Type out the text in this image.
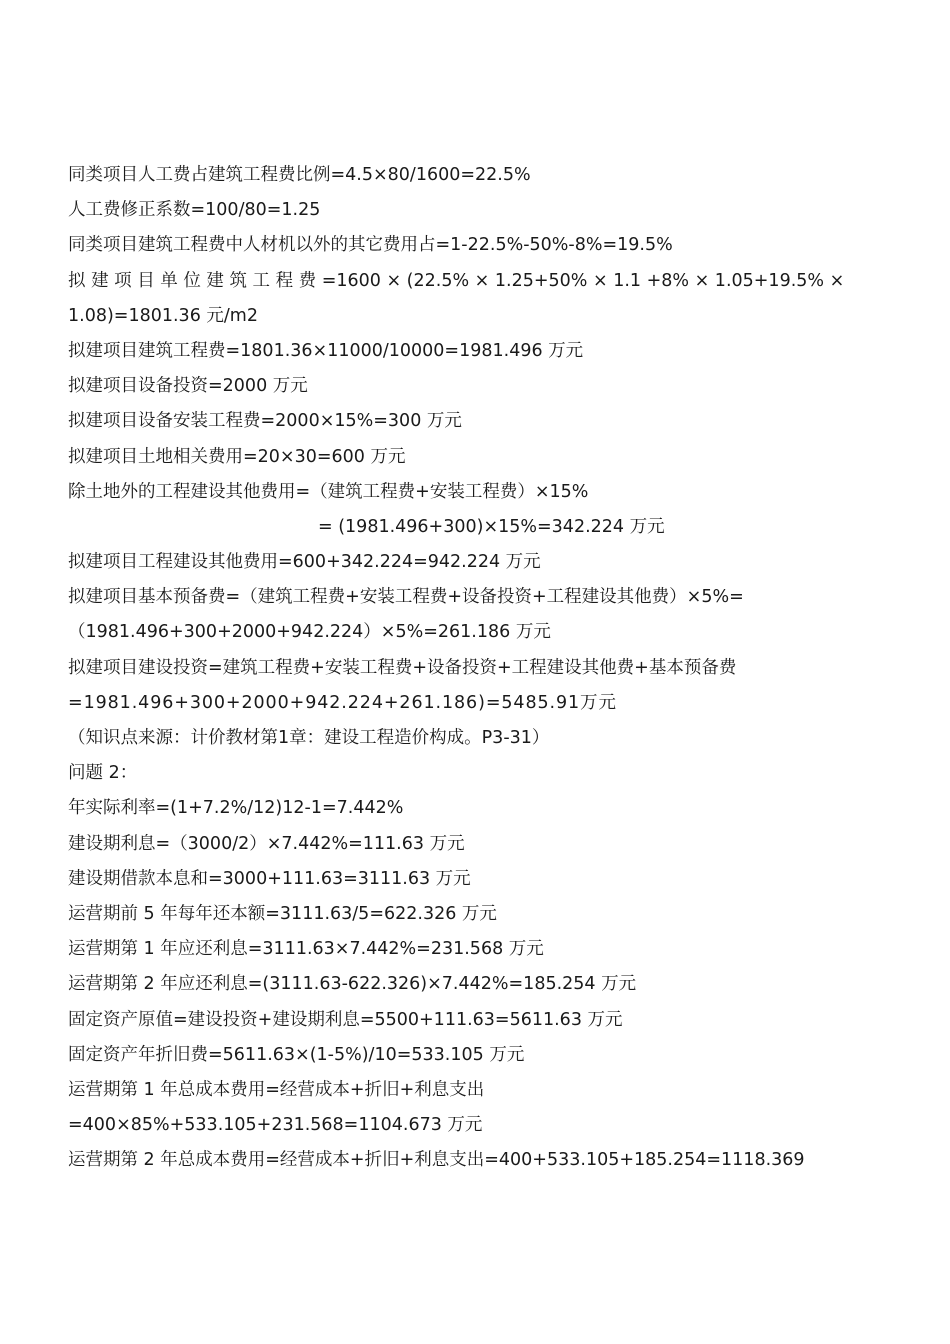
同类项目人工费占建筑工程费比例=4.5×80/1600=22.5%
人工费修正系数=100/80=1.25
同类项目建筑工程费中人材机以外的其它费用占=1-22.5%-50%-8%=19.5%
拟 建 项 目 单 位 建 筑 工 程 费 =1600 × (22.5% × 1.25+50% × 1.1 +8% × 1.05+19.5% ×
1.08)=1801.36 元/m2
拟建项目建筑工程费=1801.36×11000/10000=1981.496 万元
拟建项目设备投资=2000 万元
拟建项目设备安装工程费=2000×15%=300 万元
拟建项目土地相关费用=20×30=600 万元
除土地外的工程建设其他费用=（建筑工程费+安装工程费）×15%
= (1981.496+300)×15%=342.224 万元
拟建项目工程建设其他费用=600+342.224=942.224 万元
拟建项目基本预备费=（建筑工程费+安装工程费+设备投资+工程建设其他费）×5%=
（1981.496+300+2000+942.224）×5%=261.186 万元
拟建项目建设投资=建筑工程费+安装工程费+设备投资+工程建设其他费+基本预备费
=1981.496+300+2000+942.224+261.186)=5485.91万元
（知识点来源：计价教材第1章：建设工程造价构成。P3-31）
问题 2：
年实际利率=(1+7.2%/12)12-1=7.442%
建设期利息=（3000/2）×7.442%=111.63 万元
建设期借款本息和=3000+111.63=3111.63 万元
运营期前 5 年每年还本额=3111.63/5=622.326 万元
运营期第 1 年应还利息=3111.63×7.442%=231.568 万元
运营期第 2 年应还利息=(3111.63-622.326)×7.442%=185.254 万元
固定资产原值=建设投资+建设期利息=5500+111.63=5611.63 万元
固定资产年折旧费=5611.63×(1-5%)/10=533.105 万元
运营期第 1 年总成本费用=经营成本+折旧+利息支出
=400×85%+533.105+231.568=1104.673 万元
运营期第 2 年总成本费用=经营成本+折旧+利息支出=400+533.105+185.254=1118.369
